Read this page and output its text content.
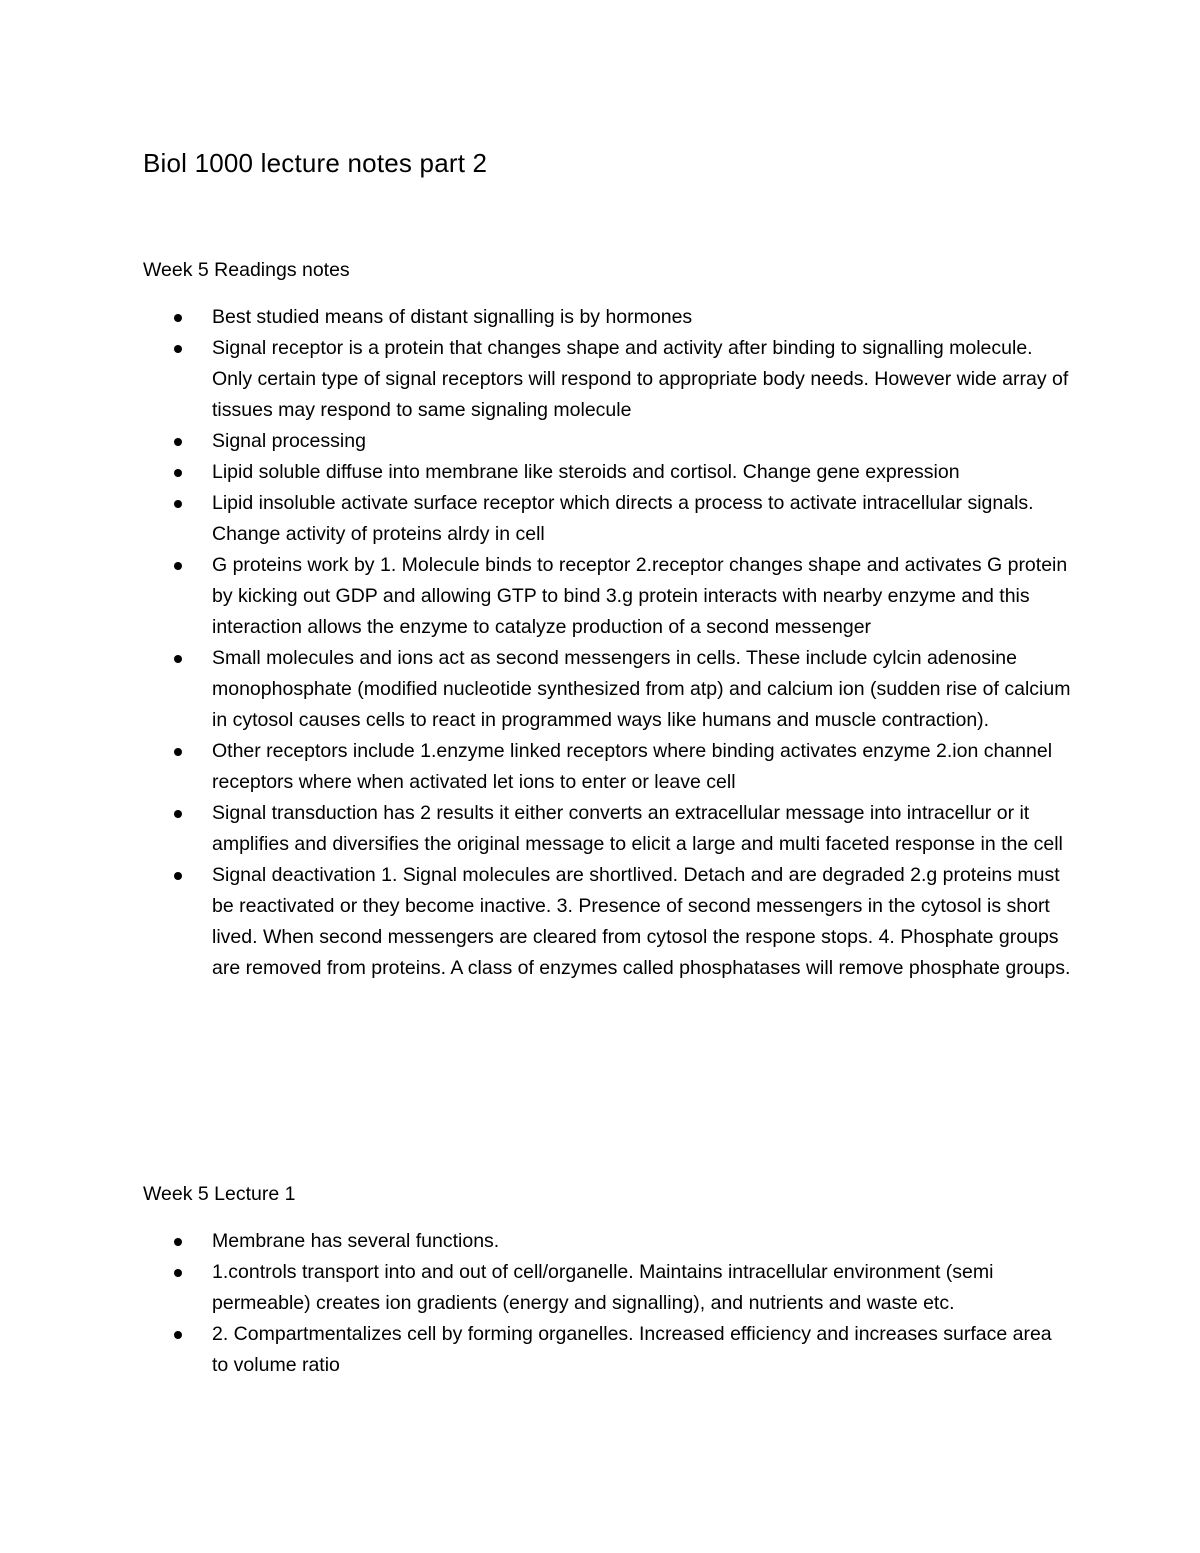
Biol 1000 lecture notes part 2
Week 5 Readings notes
Best studied means of distant signalling is by hormones
Signal receptor is a protein that changes shape and activity after binding to signalling molecule. Only certain type of signal receptors will respond to appropriate body needs. However wide array of tissues may respond to same signaling molecule
Signal processing
Lipid soluble diffuse into membrane like steroids and cortisol. Change gene expression
Lipid insoluble activate surface receptor which directs a process to activate intracellular signals. Change activity of proteins alrdy in cell
G proteins work by 1. Molecule binds to receptor 2.receptor changes shape and activates G protein by kicking out GDP and allowing GTP to bind 3.g protein interacts with nearby enzyme and this interaction allows the enzyme to catalyze production of a second messenger
Small molecules and ions act as second messengers in cells. These include cylcin adenosine monophosphate (modified nucleotide synthesized from atp) and calcium ion (sudden rise of calcium in cytosol causes cells to react in programmed ways like humans and muscle contraction).
Other receptors include 1.enzyme linked receptors where binding activates enzyme 2.ion channel receptors where when activated let ions to enter or leave cell
Signal transduction has 2 results it either converts an extracellular message into intracellur or it amplifies and diversifies the original message to elicit a large and multi faceted response in the cell
Signal deactivation 1. Signal molecules are shortlived. Detach and are degraded 2.g proteins must be reactivated or they become inactive. 3. Presence of second messengers in the cytosol is short lived. When second messengers are cleared from cytosol the respone stops. 4. Phosphate groups are removed from proteins. A class of enzymes called phosphatases will remove phosphate groups.
Week 5 Lecture 1
Membrane has several functions.
1.controls transport into and out of cell/organelle. Maintains intracellular environment (semi permeable) creates ion gradients (energy and signalling), and nutrients and waste etc.
2. Compartmentalizes cell by forming organelles. Increased efficiency and increases surface area to volume ratio
